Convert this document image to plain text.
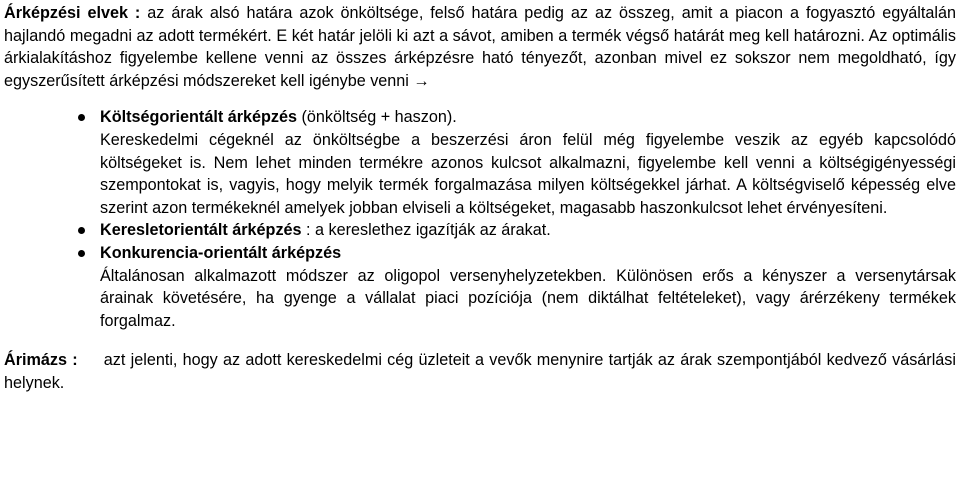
Árképzési elvek : az árak alsó határa azok önköltsége, felső határa pedig az az összeg, amit a piacon a fogyasztó egyáltalán hajlandó megadni az adott termékért. E két határ jelöli ki azt a sávot, amiben a termék végső határát meg kell határozni. Az optimális árkialakításhoz figyelembe kellene venni az összes árképzésre ható tényezőt, azonban mivel ez sokszor nem megoldható, így egyszerűsített árképzési módszereket kell igénybe venni →

Költségorientált árképzés (önköltség + haszon).
Kereskedelmi cégeknél az önköltségbe a beszerzési áron felül még figyelembe veszik az egyéb kapcsolódó költségeket is. Nem lehet minden termékre azonos kulcsot alkalmazni, figyelembe kell venni a költségigényességi szempontokat is, vagyis, hogy melyik termék forgalmazása milyen költségekkel járhat. A költségviselő képesség elve szerint azon termékeknél amelyek jobban elviseli a költségeket, magasabb haszonkulcsot lehet érvényesíteni.
Keresletorientált árképzés : a kereslethez igazítják az árakat.
Konkurencia-orientált árképzés
Általánosan alkalmazott módszer az oligopol versenyhelyzetekben. Különösen erős a kényszer a versenytársak árainak követésére, ha gyenge a vállalat piaci pozíciója (nem diktálhat feltételeket), vagy árérzékeny termékek forgalmaz.

Árimázs : azt jelenti, hogy az adott kereskedelmi cég üzleteit a vevők menynire tartják az árak szempontjából kedvező vásárlási helynek.
